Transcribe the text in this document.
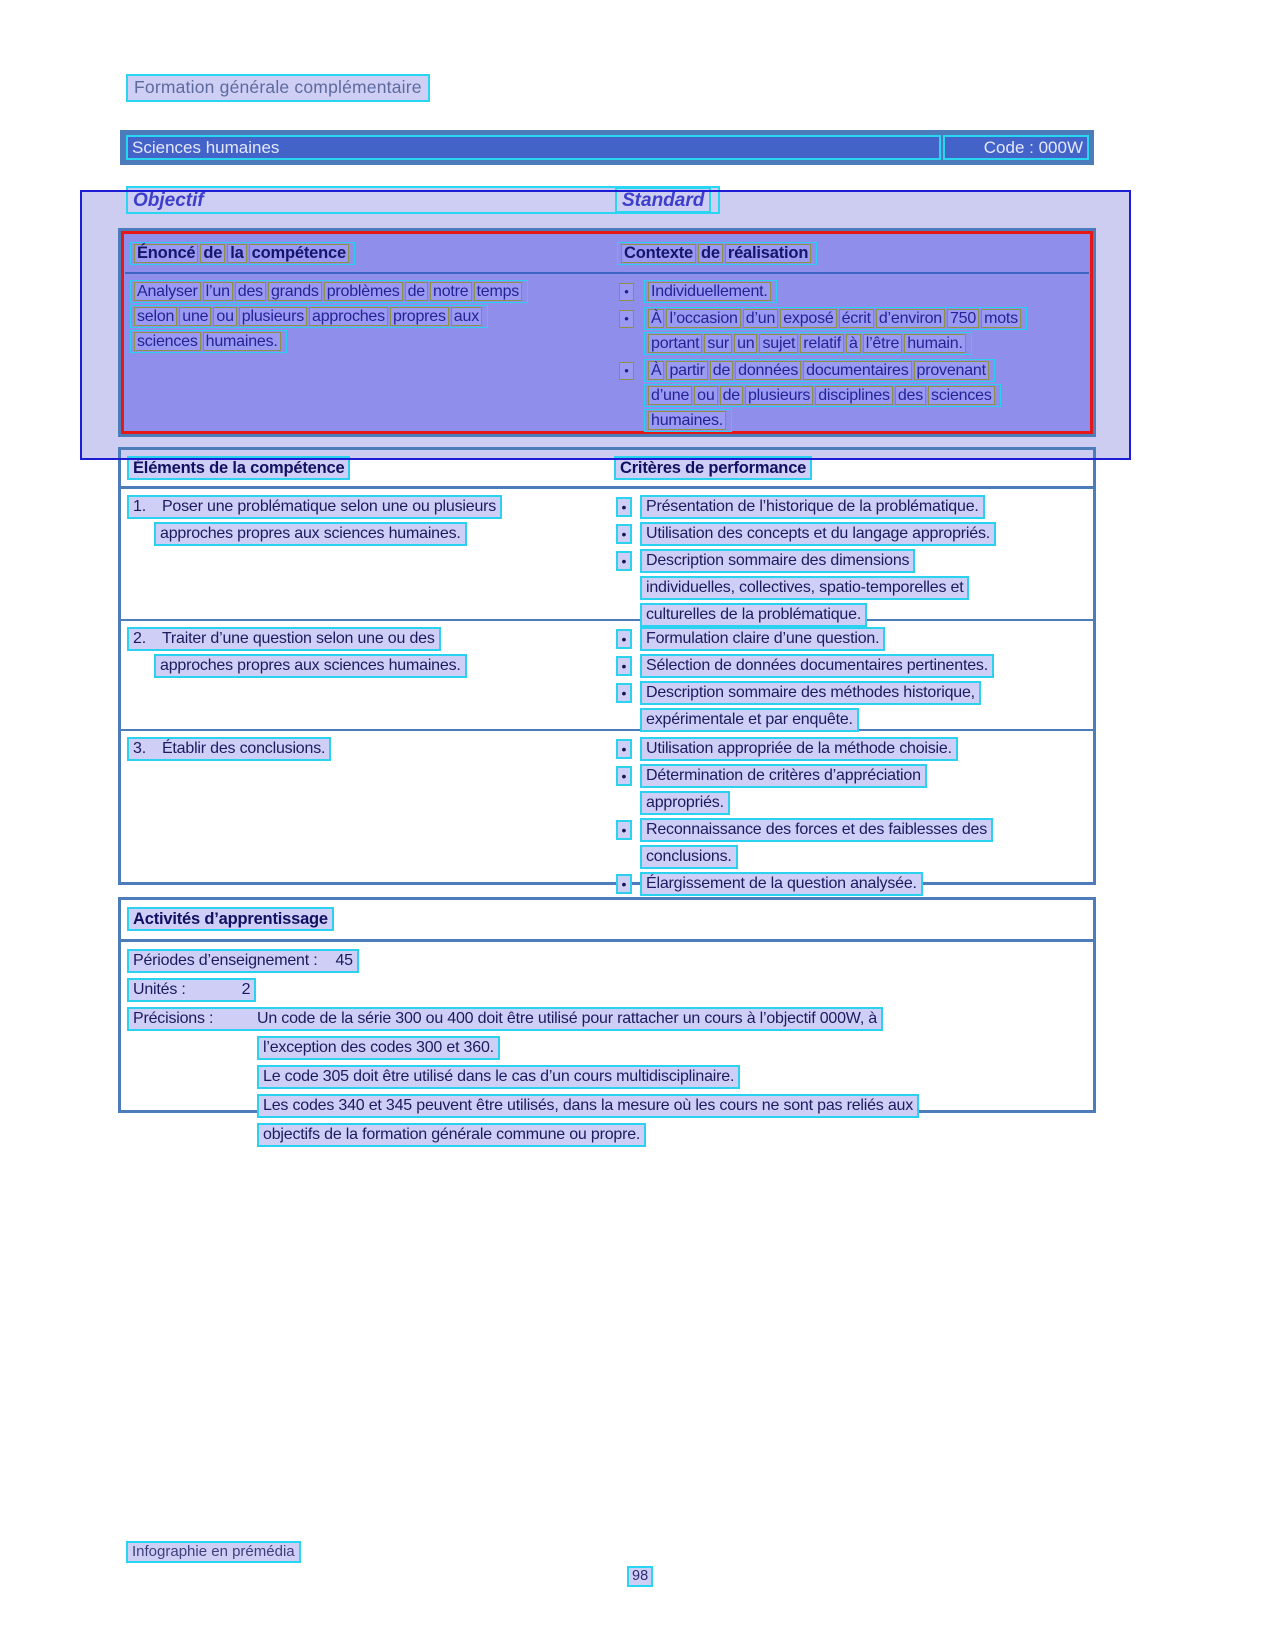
Formation générale complémentaire
Sciences humaines	Code : 000W
Objectif	Standard
Énoncé de la compétence	Contexte de réalisation
Analyser l’un des grands problèmes de notre temps
selon une ou plusieurs approches propres aux
sciences humaines.
•	Individuellement.
•	À l’occasion d’un exposé écrit d’environ 750 mots
portant sur un sujet relatif à l’être humain.
•	À partir de données documentaires provenant
d’une ou de plusieurs disciplines des sciences
humaines.
Éléments de la compétence	Critères de performance
1. Poser une problématique selon une ou plusieurs
approches propres aux sciences humaines.
•	Présentation de l’historique de la problématique.
•	Utilisation des concepts et du langage appropriés.
•	Description sommaire des dimensions
individuelles, collectives, spatio-temporelles et
culturelles de la problématique.
2. Traiter d’une question selon une ou des
approches propres aux sciences humaines.
•	Formulation claire d’une question.
•	Sélection de données documentaires pertinentes.
•	Description sommaire des méthodes historique,
expérimentale et par enquête.
3. Établir des conclusions.	•	Utilisation appropriée de la méthode choisie.
•	Détermination de critères d’appréciation
appropriés.
•	Reconnaissance des forces et des faiblesses des
conclusions.
•	Élargissement de la question analysée.
Activités d’apprentissage
Périodes d’enseignement : 45
Unités :	2
Précisions :	Un code de la série 300 ou 400 doit être utilisé pour rattacher un cours à l’objectif 000W, à
l’exception des codes 300 et 360.
Le code 305 doit être utilisé dans le cas d’un cours multidisciplinaire.
Les codes 340 et 345 peuvent être utilisés, dans la mesure où les cours ne sont pas reliés aux
objectifs de la formation générale commune ou propre.
Infographie en prémédia
98
